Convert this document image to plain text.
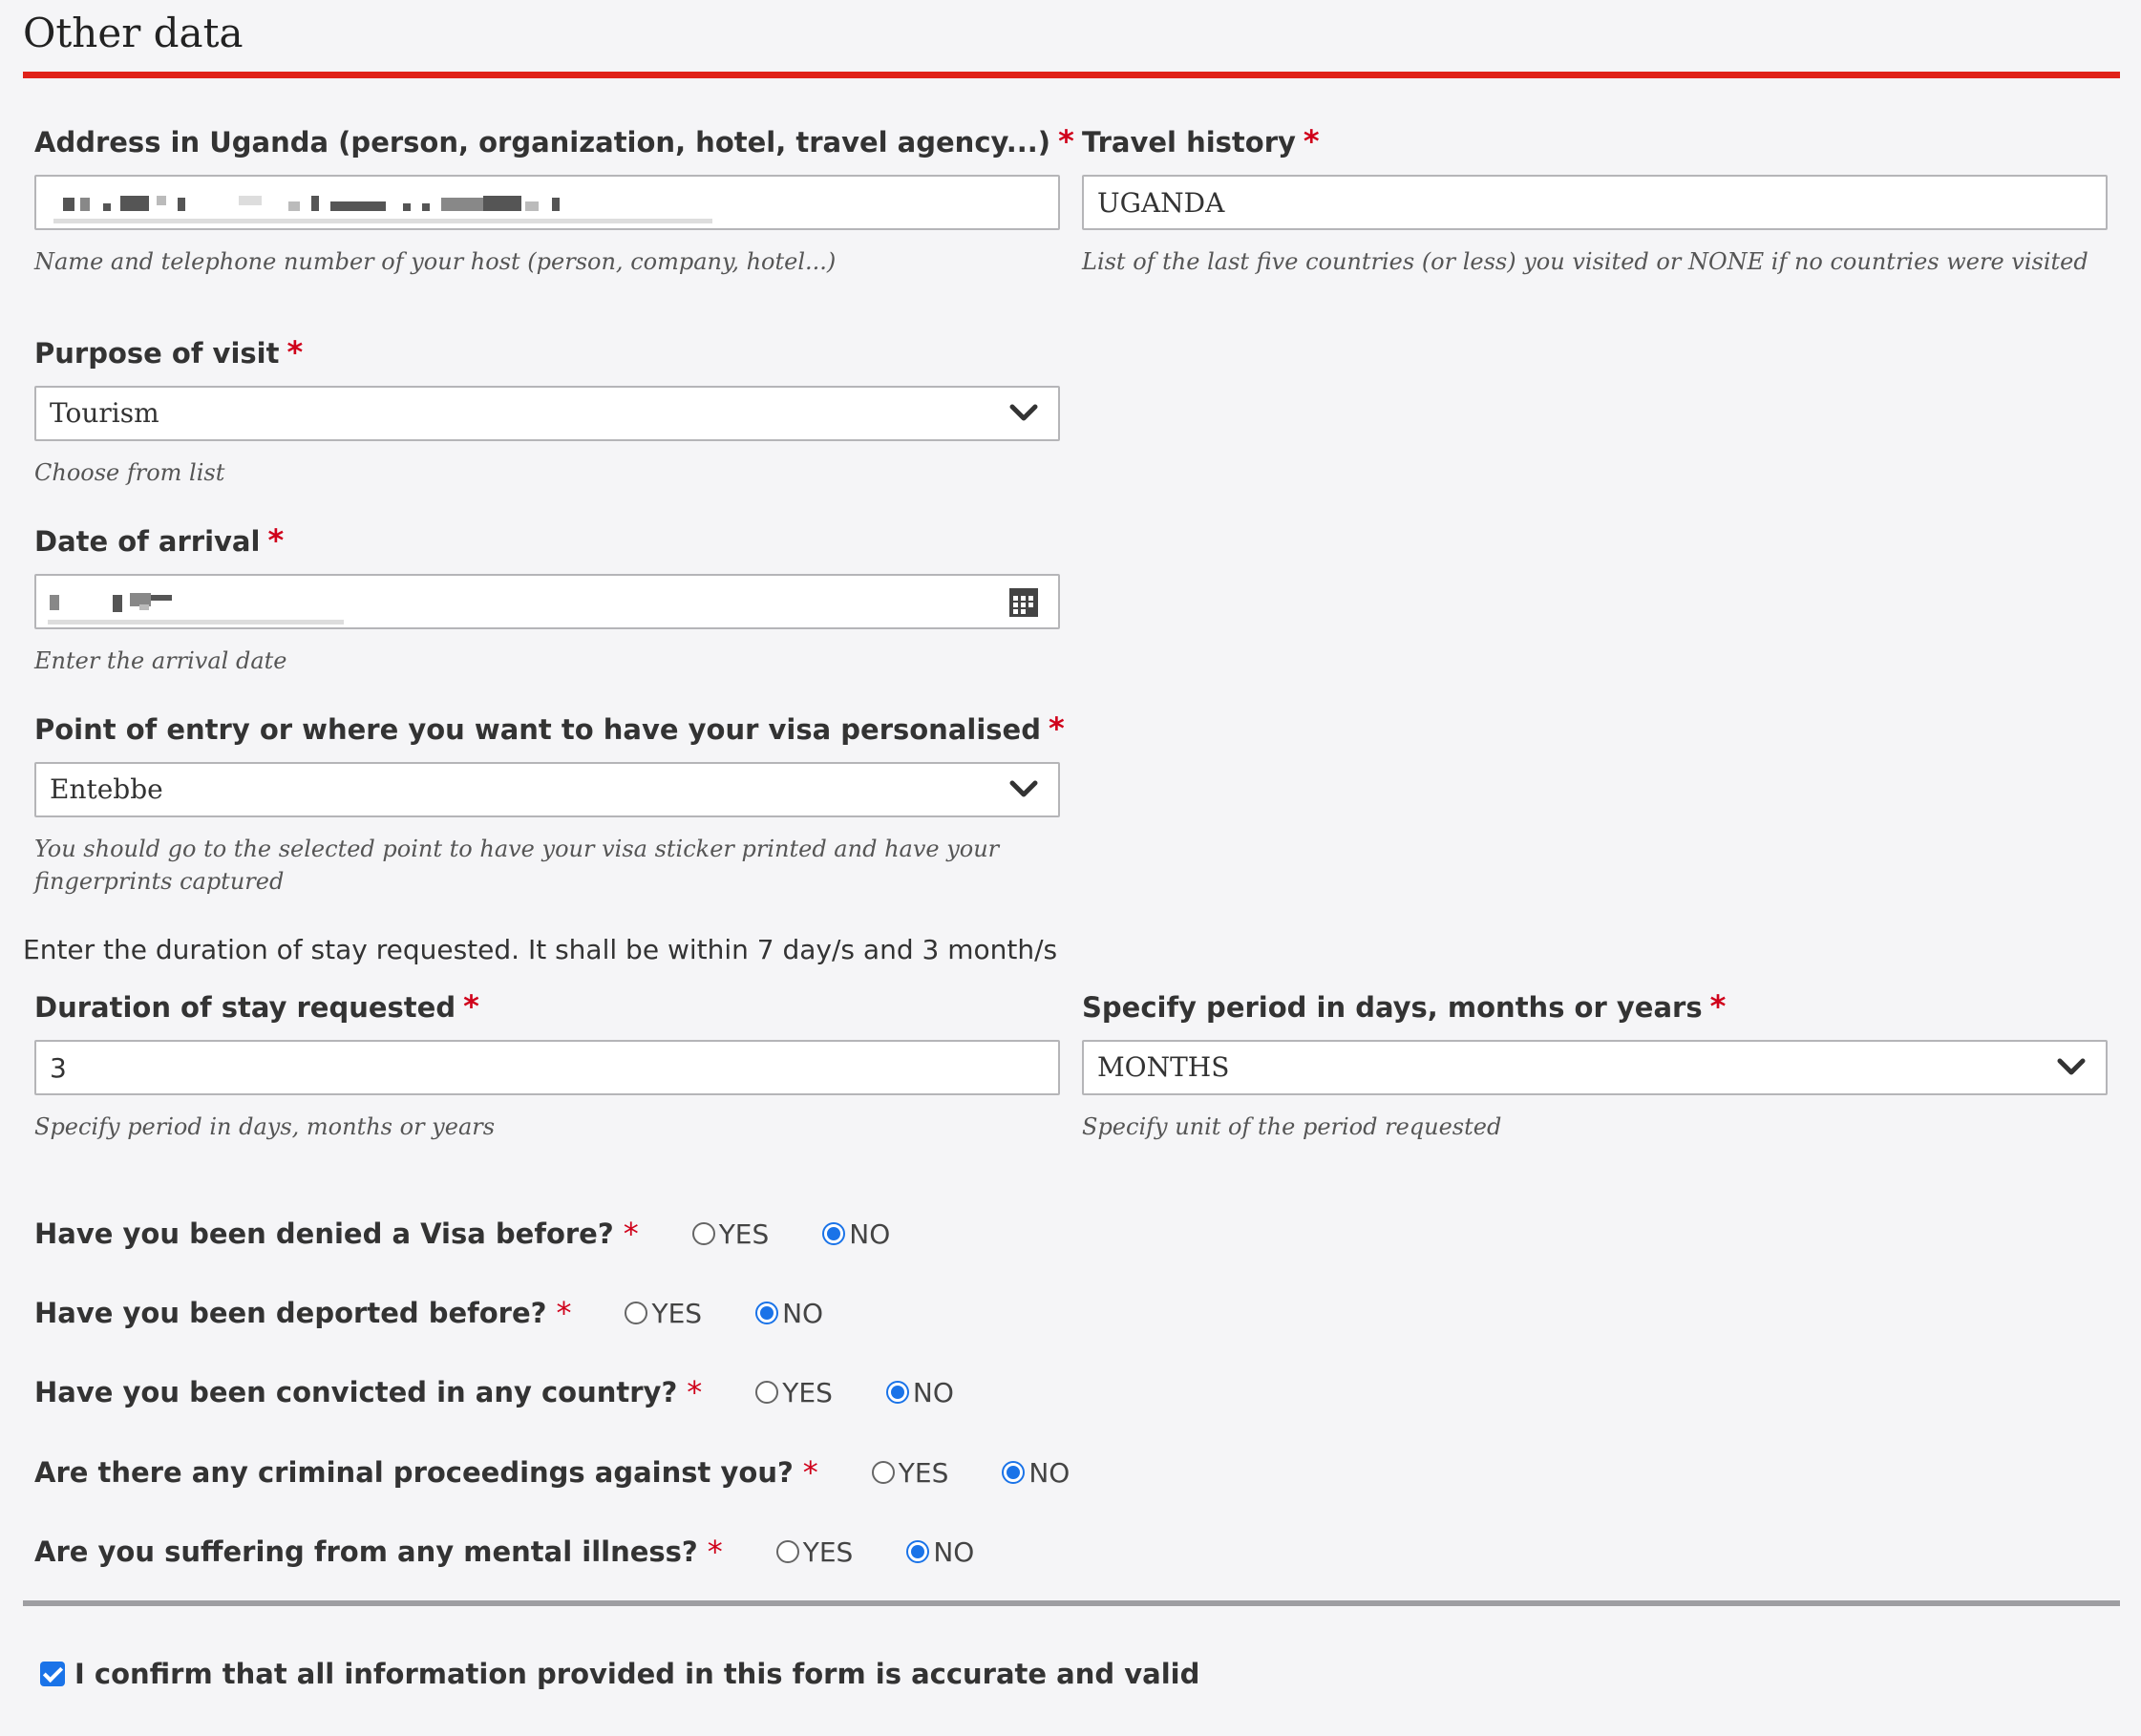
Other data
Address in Uganda (person, organization, hotel, travel agency...) *
Name and telephone number of your host (person, company, hotel...)
Travel history *
UGANDA
List of the last five countries (or less) you visited or NONE if no countries were visited
Purpose of visit *
Tourism
Choose from list
Date of arrival *
Enter the arrival date
Point of entry or where you want to have your visa personalised *
Entebbe
You should go to the selected point to have your visa sticker printed and have your fingerprints captured
Enter the duration of stay requested. It shall be within 7 day/s and 3 month/s
Duration of stay requested *
3
Specify period in days, months or years
Specify period in days, months or years *
MONTHS
Specify unit of the period requested
Have you been denied a Visa before? *	YES	NO
Have you been deported before? *	YES	NO
Have you been convicted in any country? *	YES	NO
Are there any criminal proceedings against you? *	YES	NO
Are you suffering from any mental illness? *	YES	NO
I confirm that all information provided in this form is accurate and valid
